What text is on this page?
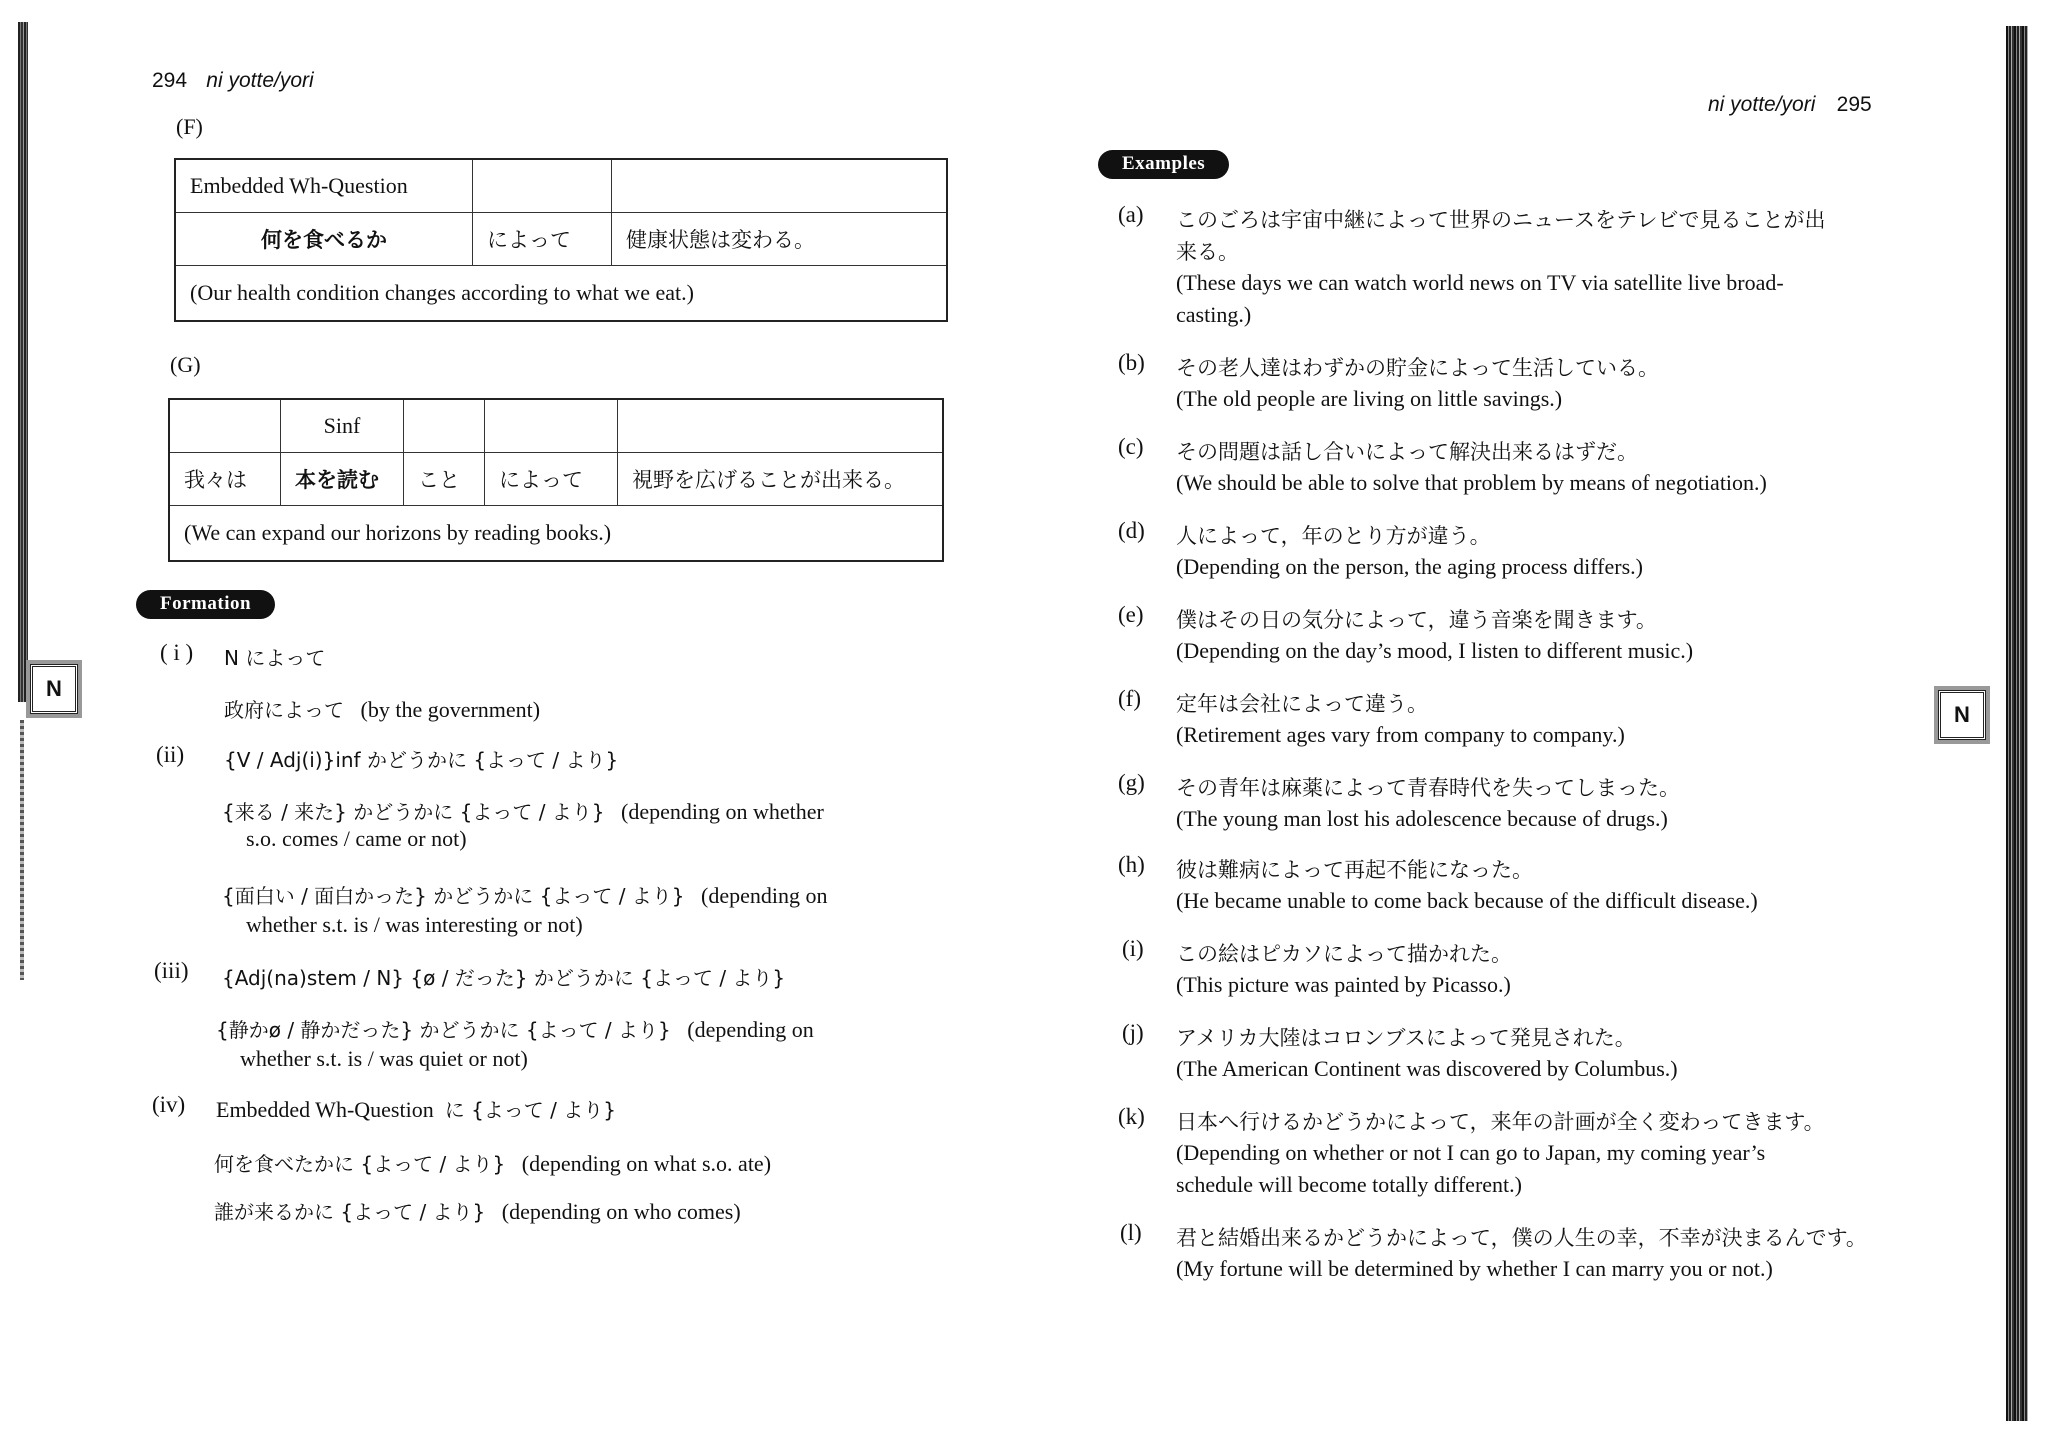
294 ni yotte/yori
(F)
Embedded Wh-Question		
何を食べるか	によって	健康状態は変わる。
(Our health condition changes according to what we eat.)		
(G)
	Sinf			
我々は	本を読む	こと	によって	視野を広げることが出来る。
(We can expand our horizons by reading books.)				
N
Formation
( i ) N によって
政府によって (by the government)
(ii) {V / Adj(i)}inf かどうかに {よって / より}
{来る / 来た} かどうかに {よって / より} (depending on whether
s.o. comes / came or not)
{面白い / 面白かった} かどうかに {よって / より} (depending on
whether s.t. is / was interesting or not)
(iii) {Adj(na)stem / N} {ø / だった} かどうかに {よって / より}
{静かø / 静かだった} かどうかに {よって / より} (depending on
whether s.t. is / was quiet or not)
(iv) Embedded Wh-Question に {よって / より}
何を食べたかに {よって / より} (depending on what s.o. ate)
誰が来るかに {よって / より} (depending on who comes)
ni yotte/yori 295
Examples
N
(a) このごろは宇宙中継によって世界のニュースをテレビで見ることが出
来る。
(These days we can watch world news on TV via satellite live broad-
casting.)
(b) その老人達はわずかの貯金によって生活している。
(The old people are living on little savings.)
(c) その問題は話し合いによって解決出来るはずだ。
(We should be able to solve that problem by means of negotiation.)
(d) 人によって，年のとり方が違う。
(Depending on the person, the aging process differs.)
(e) 僕はその日の気分によって，違う音楽を聞きます。
(Depending on the day’s mood, I listen to different music.)
(f) 定年は会社によって違う。
(Retirement ages vary from company to company.)
(g) その青年は麻薬によって青春時代を失ってしまった。
(The young man lost his adolescence because of drugs.)
(h) 彼は難病によって再起不能になった。
(He became unable to come back because of the difficult disease.)
(i) この絵はピカソによって描かれた。
(This picture was painted by Picasso.)
(j) アメリカ大陸はコロンブスによって発見された。
(The American Continent was discovered by Columbus.)
(k) 日本へ行けるかどうかによって，来年の計画が全く変わってきます。
(Depending on whether or not I can go to Japan, my coming year’s
schedule will become totally different.)
(l) 君と結婚出来るかどうかによって，僕の人生の幸，不幸が決まるんです。
(My fortune will be determined by whether I can marry you or not.)
